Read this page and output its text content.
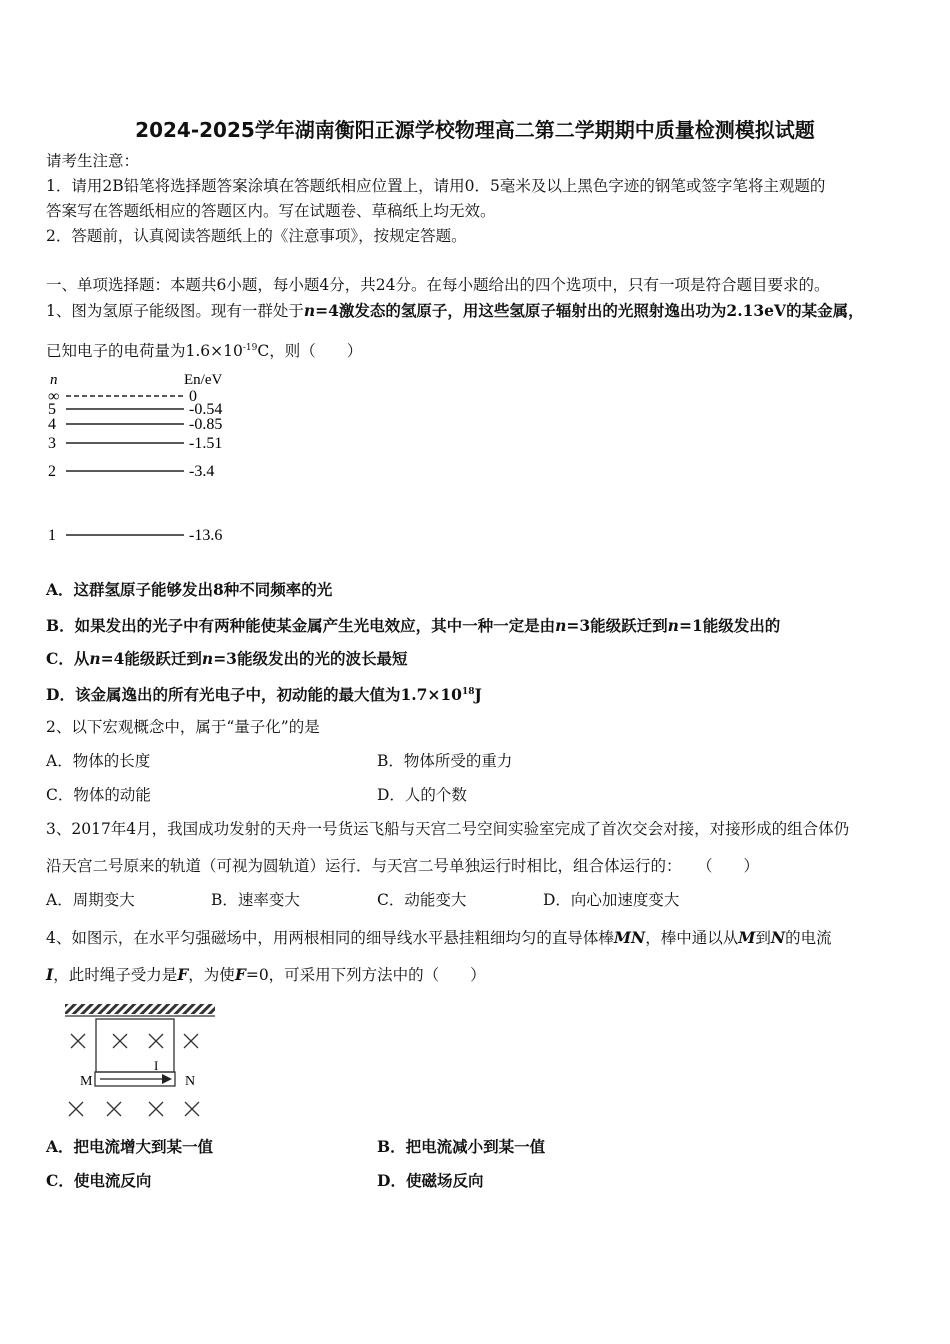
2024-2025学年湖南衡阳正源学校物理高二第二学期期中质量检测模拟试题
请考生注意：
1．请用2B铅笔将选择题答案涂填在答题纸相应位置上，请用0．5毫米及以上黑色字迹的钢笔或签字笔将主观题的
答案写在答题纸相应的答题区内。写在试题卷、草稿纸上均无效。
2．答题前，认真阅读答题纸上的《注意事项》，按规定答题。
一、单项选择题：本题共6小题，每小题4分，共24分。在每小题给出的四个选项中，只有一项是符合题目要求的。
1、图为氢原子能级图。现有一群处于n=4激发态的氢原子，用这些氢原子辐射出的光照射逸出功为2.13eV的某金属，
已知电子的电荷量为$1.6\times 10^{-19}C$，则（　　）
n	En/eV
∞	0
5	-0.54
4	-0.85
3	-1.51
2	-3.4
1	-13.6
A．这群氢原子能够发出8种不同频率的光
B．如果发出的光子中有两种能使某金属产生光电效应，其中一种一定是由n=3能级跃迁到n=1能级发出的
C．从n=4能级跃迁到n=3能级发出的光的波长最短
D．该金属逸出的所有光电子中，初动能的最大值为$1.7\times 10^{18}J$
2、以下宏观概念中，属于“量子化”的是
A．物体的长度	B．物体所受的重力
C．物体的动能	D．人的个数
3、2017年4月，我国成功发射的天舟一号货运飞船与天宫二号空间实验室完成了首次交会对接，对接形成的组合体仍
沿天宫二号原来的轨道（可视为圆轨道）运行．与天宫二号单独运行时相比，组合体运行的：　　（　　）
A．周期变大	B．速率变大	C．动能变大	D．向心加速度变大
4、如图示，在水平匀强磁场中，用两根相同的细导线水平悬挂粗细均匀的直导体棒MN，棒中通以从M到N的电流
I，此时绳子受力是F，为使F=0，可采用下列方法中的（　　）
M	N
I
A．把电流增大到某一值	B．把电流减小到某一值
C．使电流反向	D．使磁场反向
